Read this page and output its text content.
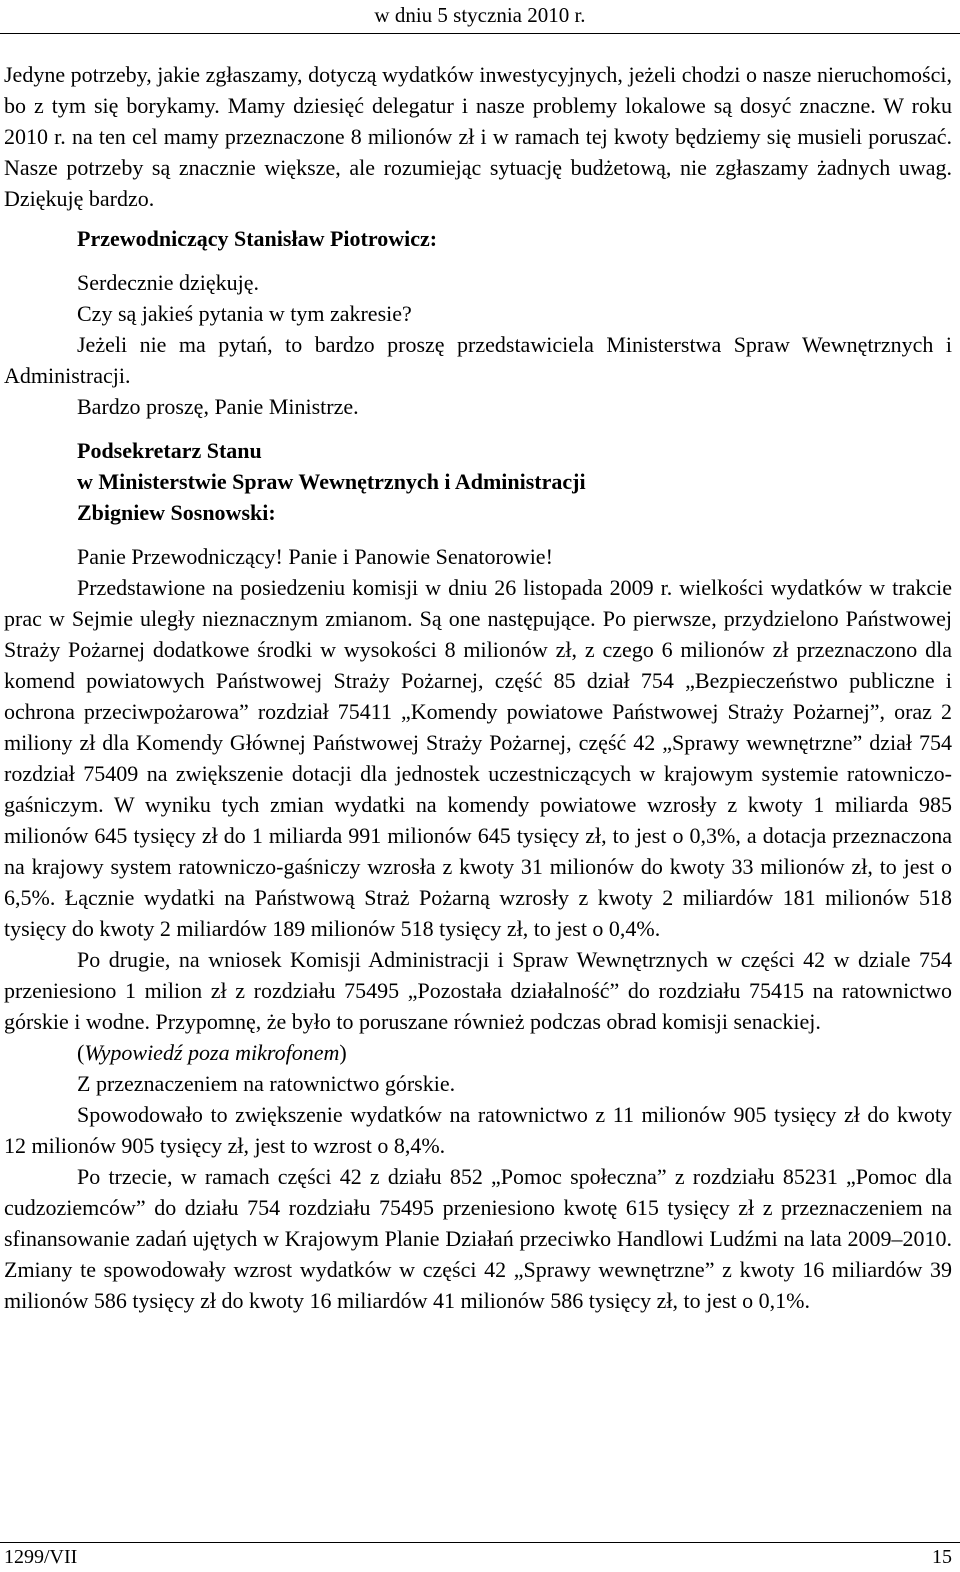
w dniu 5 stycznia 2010 r.

Jedyne potrzeby, jakie zgłaszamy, dotyczą wydatków inwestycyjnych, jeżeli chodzi o nasze nieruchomości, bo z tym się borykamy. Mamy dziesięć delegatur i nasze problemy lokalowe są dosyć znaczne. W roku 2010 r. na ten cel mamy przeznaczone 8 milionów zł i w ramach tej kwoty będziemy się musieli poruszać. Nasze potrzeby są znacznie większe, ale rozumiejąc sytuację budżetową, nie zgłaszamy żadnych uwag. Dziękuję bardzo.

Przewodniczący Stanisław Piotrowicz:

Serdecznie dziękuję.

Czy są jakieś pytania w tym zakresie?

Jeżeli nie ma pytań, to bardzo proszę przedstawiciela Ministerstwa Spraw Wewnętrznych i Administracji.

Bardzo proszę, Panie Ministrze.

Podsekretarz Stanu
w Ministerstwie Spraw Wewnętrznych i Administracji
Zbigniew Sosnowski:

Panie Przewodniczący! Panie i Panowie Senatorowie!

Przedstawione na posiedzeniu komisji w dniu 26 listopada 2009 r. wielkości wydatków w trakcie prac w Sejmie uległy nieznacznym zmianom. Są one następujące. Po pierwsze, przydzielono Państwowej Straży Pożarnej dodatkowe środki w wysokości 8 milionów zł, z czego 6 milionów zł przeznaczono dla komend powiatowych Państwowej Straży Pożarnej, część 85 dział 754 „Bezpieczeństwo publiczne i ochrona przeciwpożarowa” rozdział 75411 „Komendy powiatowe Państwowej Straży Pożarnej”, oraz 2 miliony zł dla Komendy Głównej Państwowej Straży Pożarnej, część 42 „Sprawy wewnętrzne” dział 754 rozdział 75409 na zwiększenie dotacji dla jednostek uczestniczących w krajowym systemie ratowniczo-gaśniczym. W wyniku tych zmian wydatki na komendy powiatowe wzrosły z kwoty 1 miliarda 985 milionów 645 tysięcy zł do 1 miliarda 991 milionów 645 tysięcy zł, to jest o 0,3%, a dotacja przeznaczona na krajowy system ratowniczo-gaśniczy wzrosła z kwoty 31 milionów do kwoty 33 milionów zł, to jest o 6,5%. Łącznie wydatki na Państwową Straż Pożarną wzrosły z kwoty 2 miliardów 181 milionów 518 tysięcy do kwoty 2 miliardów 189 milionów 518 tysięcy zł, to jest o 0,4%.

Po drugie, na wniosek Komisji Administracji i Spraw Wewnętrznych w części 42 w dziale 754 przeniesiono 1 milion zł z rozdziału 75495 „Pozostała działalność” do rozdziału 75415 na ratownictwo górskie i wodne. Przypomnę, że było to poruszane również podczas obrad komisji senackiej.

(Wypowiedź poza mikrofonem)

Z przeznaczeniem na ratownictwo górskie.

Spowodowało to zwiększenie wydatków na ratownictwo z 11 milionów 905 tysięcy zł do kwoty 12 milionów 905 tysięcy zł, jest to wzrost o 8,4%.

Po trzecie, w ramach części 42 z działu 852 „Pomoc społeczna” z rozdziału 85231 „Pomoc dla cudzoziemców” do działu 754 rozdziału 75495 przeniesiono kwotę 615 tysięcy zł z przeznaczeniem na sfinansowanie zadań ujętych w Krajowym Planie Działań przeciwko Handlowi Ludźmi na lata 2009–2010. Zmiany te spowodowały wzrost wydatków w części 42 „Sprawy wewnętrzne” z kwoty 16 miliardów 39 milionów 586 tysięcy zł do kwoty 16 miliardów 41 milionów 586 tysięcy zł, to jest o 0,1%.

1299/VII	15
